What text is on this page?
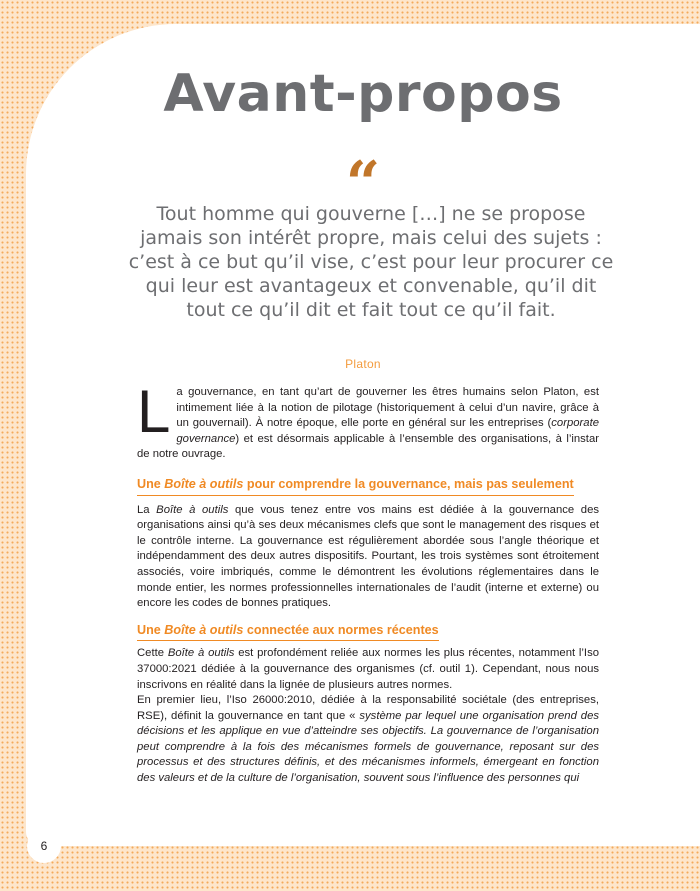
Avant-propos
“

Tout homme qui gouverne […] ne se propose jamais son intérêt propre, mais celui des sujets : c’est à ce but qu’il vise, c’est pour leur procurer ce qui leur est avantageux et convenable, qu’il dit tout ce qu’il dit et fait tout ce qu’il fait.

Platon

La gouvernance, en tant qu’art de gouverner les êtres humains selon Platon, est intimement liée à la notion de pilotage (historiquement à celui d’un navire, grâce à un gouvernail). À notre époque, elle porte en général sur les entreprises (corporate governance) et est désormais applicable à l’ensemble des organisations, à l’instar de notre ouvrage.

Une Boîte à outils pour comprendre la gouvernance, mais pas seulement

La Boîte à outils que vous tenez entre vos mains est dédiée à la gouvernance des organisations ainsi qu’à ses deux mécanismes clefs que sont le management des risques et le contrôle interne. La gouvernance est régulièrement abordée sous l’angle théorique et indépendamment des deux autres dispositifs. Pourtant, les trois systèmes sont étroitement associés, voire imbriqués, comme le démontrent les évolutions réglementaires dans le monde entier, les normes professionnelles internationales de l’audit (interne et externe) ou encore les codes de bonnes pratiques.

Une Boîte à outils connectée aux normes récentes

Cette Boîte à outils est profondément reliée aux normes les plus récentes, notamment l’Iso 37000:2021 dédiée à la gouvernance des organismes (cf. outil 1). Cependant, nous nous inscrivons en réalité dans la lignée de plusieurs autres normes.

En premier lieu, l’Iso 26000:2010, dédiée à la responsabilité sociétale (des entreprises, RSE), définit la gouvernance en tant que « système par lequel une organisation prend des décisions et les applique en vue d’atteindre ses objectifs. La gouvernance de l’organisation peut comprendre à la fois des mécanismes formels de gouvernance, reposant sur des processus et des structures définis, et des mécanismes informels, émergeant en fonction des valeurs et de la culture de l’organisation, souvent sous l’influence des personnes qui

6
